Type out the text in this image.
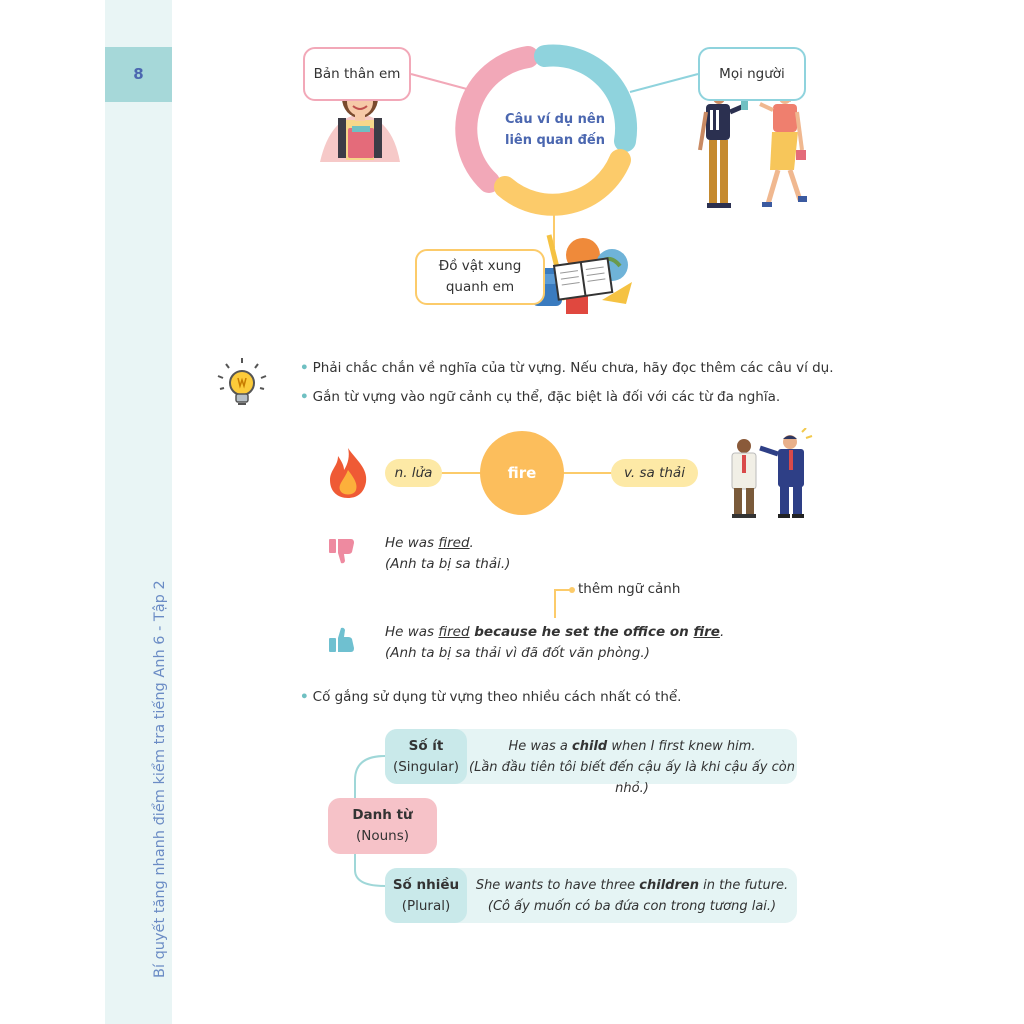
8
Bí quyết tăng nhanh điểm kiểm tra tiếng Anh 6 - Tập 2
Bản thân em	Mọi người
Đồ vật xung
quanh em
Câu ví dụ nên
liên quan đến
• Phải chắc chắn về nghĩa của từ vựng. Nếu chưa, hãy đọc thêm các câu ví dụ.
• Gắn từ vựng vào ngữ cảnh cụ thể, đặc biệt là đối với các từ đa nghĩa.
n. lửa	v. sa thải
fire
He was fired.
(Anh ta bị sa thải.)
thêm ngữ cảnh
He was fired because he set the office on fire.
(Anh ta bị sa thải vì đã đốt văn phòng.)
• Cố gắng sử dụng từ vựng theo nhiều cách nhất có thể.
Số ít
(Singular)
He was a child when I first knew him.
(Lần đầu tiên tôi biết đến cậu ấy là khi cậu ấy còn nhỏ.)
Danh từ
(Nouns)
Số nhiều
(Plural)
She wants to have three children in the future.
(Cô ấy muốn có ba đứa con trong tương lai.)
